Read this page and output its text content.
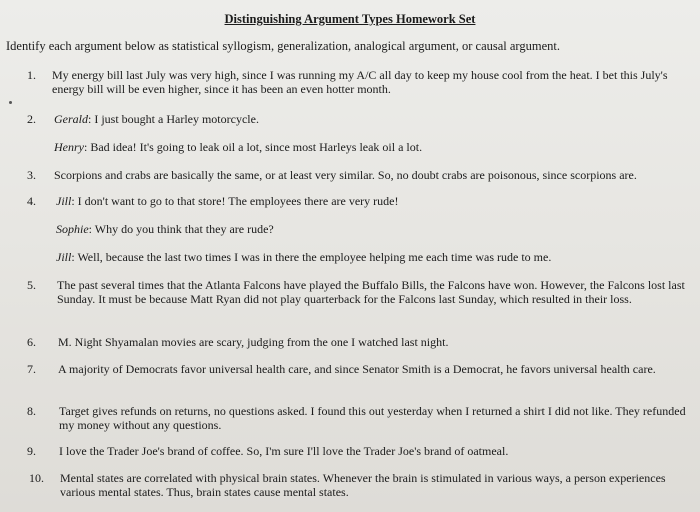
Distinguishing Argument Types Homework Set
Identify each argument below as statistical syllogism, generalization, analogical argument, or causal argument.
1. My energy bill last July was very high, since I was running my A/C all day to keep my house cool from the heat. I bet this July's energy bill will be even higher, since it has been an even hotter month.
2. Gerald: I just bought a Harley motorcycle.
Henry: Bad idea! It's going to leak oil a lot, since most Harleys leak oil a lot.
3. Scorpions and crabs are basically the same, or at least very similar. So, no doubt crabs are poisonous, since scorpions are.
4. Jill: I don't want to go to that store! The employees there are very rude!
Sophie: Why do you think that they are rude?
Jill: Well, because the last two times I was in there the employee helping me each time was rude to me.
5. The past several times that the Atlanta Falcons have played the Buffalo Bills, the Falcons have won. However, the Falcons lost last Sunday. It must be because Matt Ryan did not play quarterback for the Falcons last Sunday, which resulted in their loss.
6. M. Night Shyamalan movies are scary, judging from the one I watched last night.
7. A majority of Democrats favor universal health care, and since Senator Smith is a Democrat, he favors universal health care.
8. Target gives refunds on returns, no questions asked. I found this out yesterday when I returned a shirt I did not like. They refunded my money without any questions.
9. I love the Trader Joe's brand of coffee. So, I'm sure I'll love the Trader Joe's brand of oatmeal.
10. Mental states are correlated with physical brain states. Whenever the brain is stimulated in various ways, a person experiences various mental states. Thus, brain states cause mental states.
